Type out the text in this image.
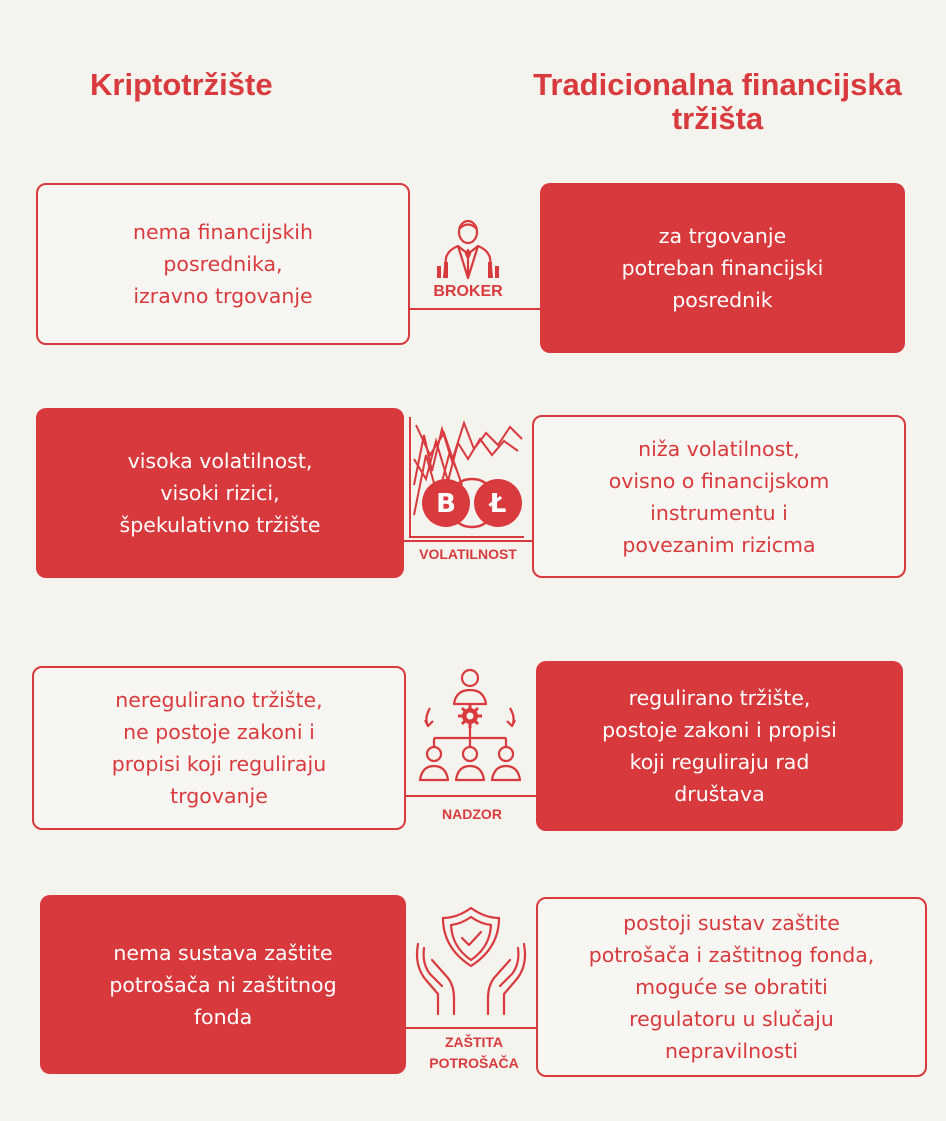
Kriptotržište	Tradicionalna financijska
tržišta
nema financijskih
posrednika,
izravno trgovanje	BROKER
za trgovanje
potreban financijski
posrednik
visoka volatilnost,
visoki rizici,
špekulativno tržište
B Ł
VOLATILNOST
niža volatilnost,
ovisno o financijskom
instrumentu i
povezanim rizicma
neregulirano tržište,
ne postoje zakoni i
propisi koji reguliraju
trgovanje
NADZOR
regulirano tržište,
postoje zakoni i propisi
koji reguliraju rad
društava
nema sustava zaštite
potrošača ni zaštitnog
fonda
ZAŠTITA
POTROŠAČA
postoji sustav zaštite
potrošača i zaštitnog fonda,
moguće se obratiti
regulatoru u slučaju
nepravilnosti
